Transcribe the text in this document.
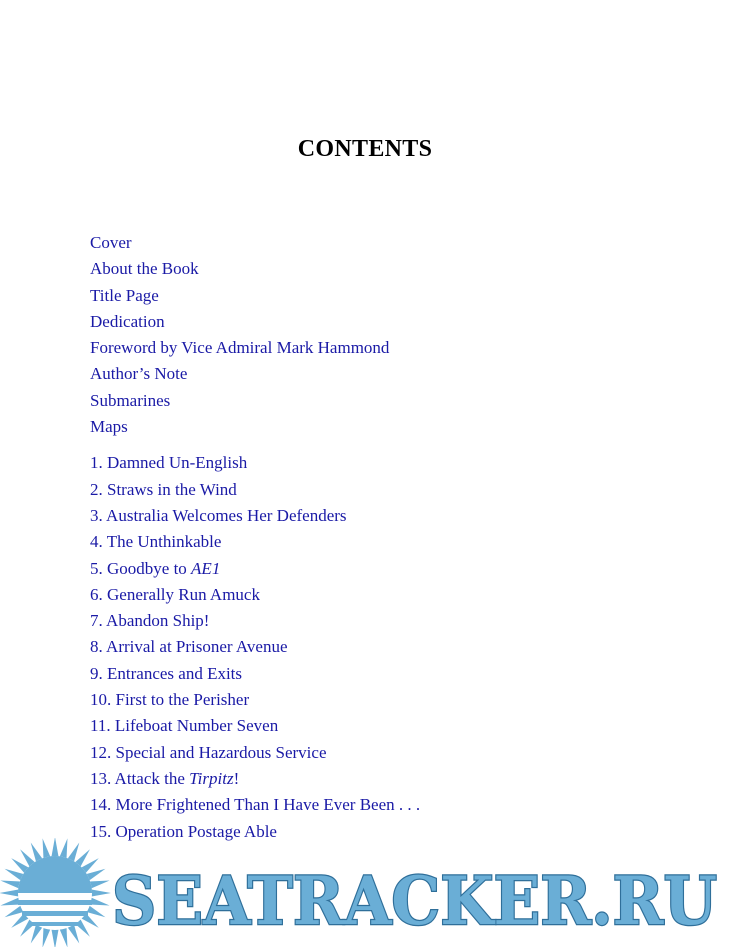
CONTENTS
Cover
About the Book
Title Page
Dedication
Foreword by Vice Admiral Mark Hammond
Author’s Note
Submarines
Maps
1. Damned Un-English
2. Straws in the Wind
3. Australia Welcomes Her Defenders
4. The Unthinkable
5. Goodbye to AE1
6. Generally Run Amuck
7. Abandon Ship!
8. Arrival at Prisoner Avenue
9. Entrances and Exits
10. First to the Perisher
11. Lifeboat Number Seven
12. Special and Hazardous Service
13. Attack the Tirpitz!
14. More Frightened Than I Have Ever Been . . .
15. Operation Postage Able
SEATRACKER.RU
